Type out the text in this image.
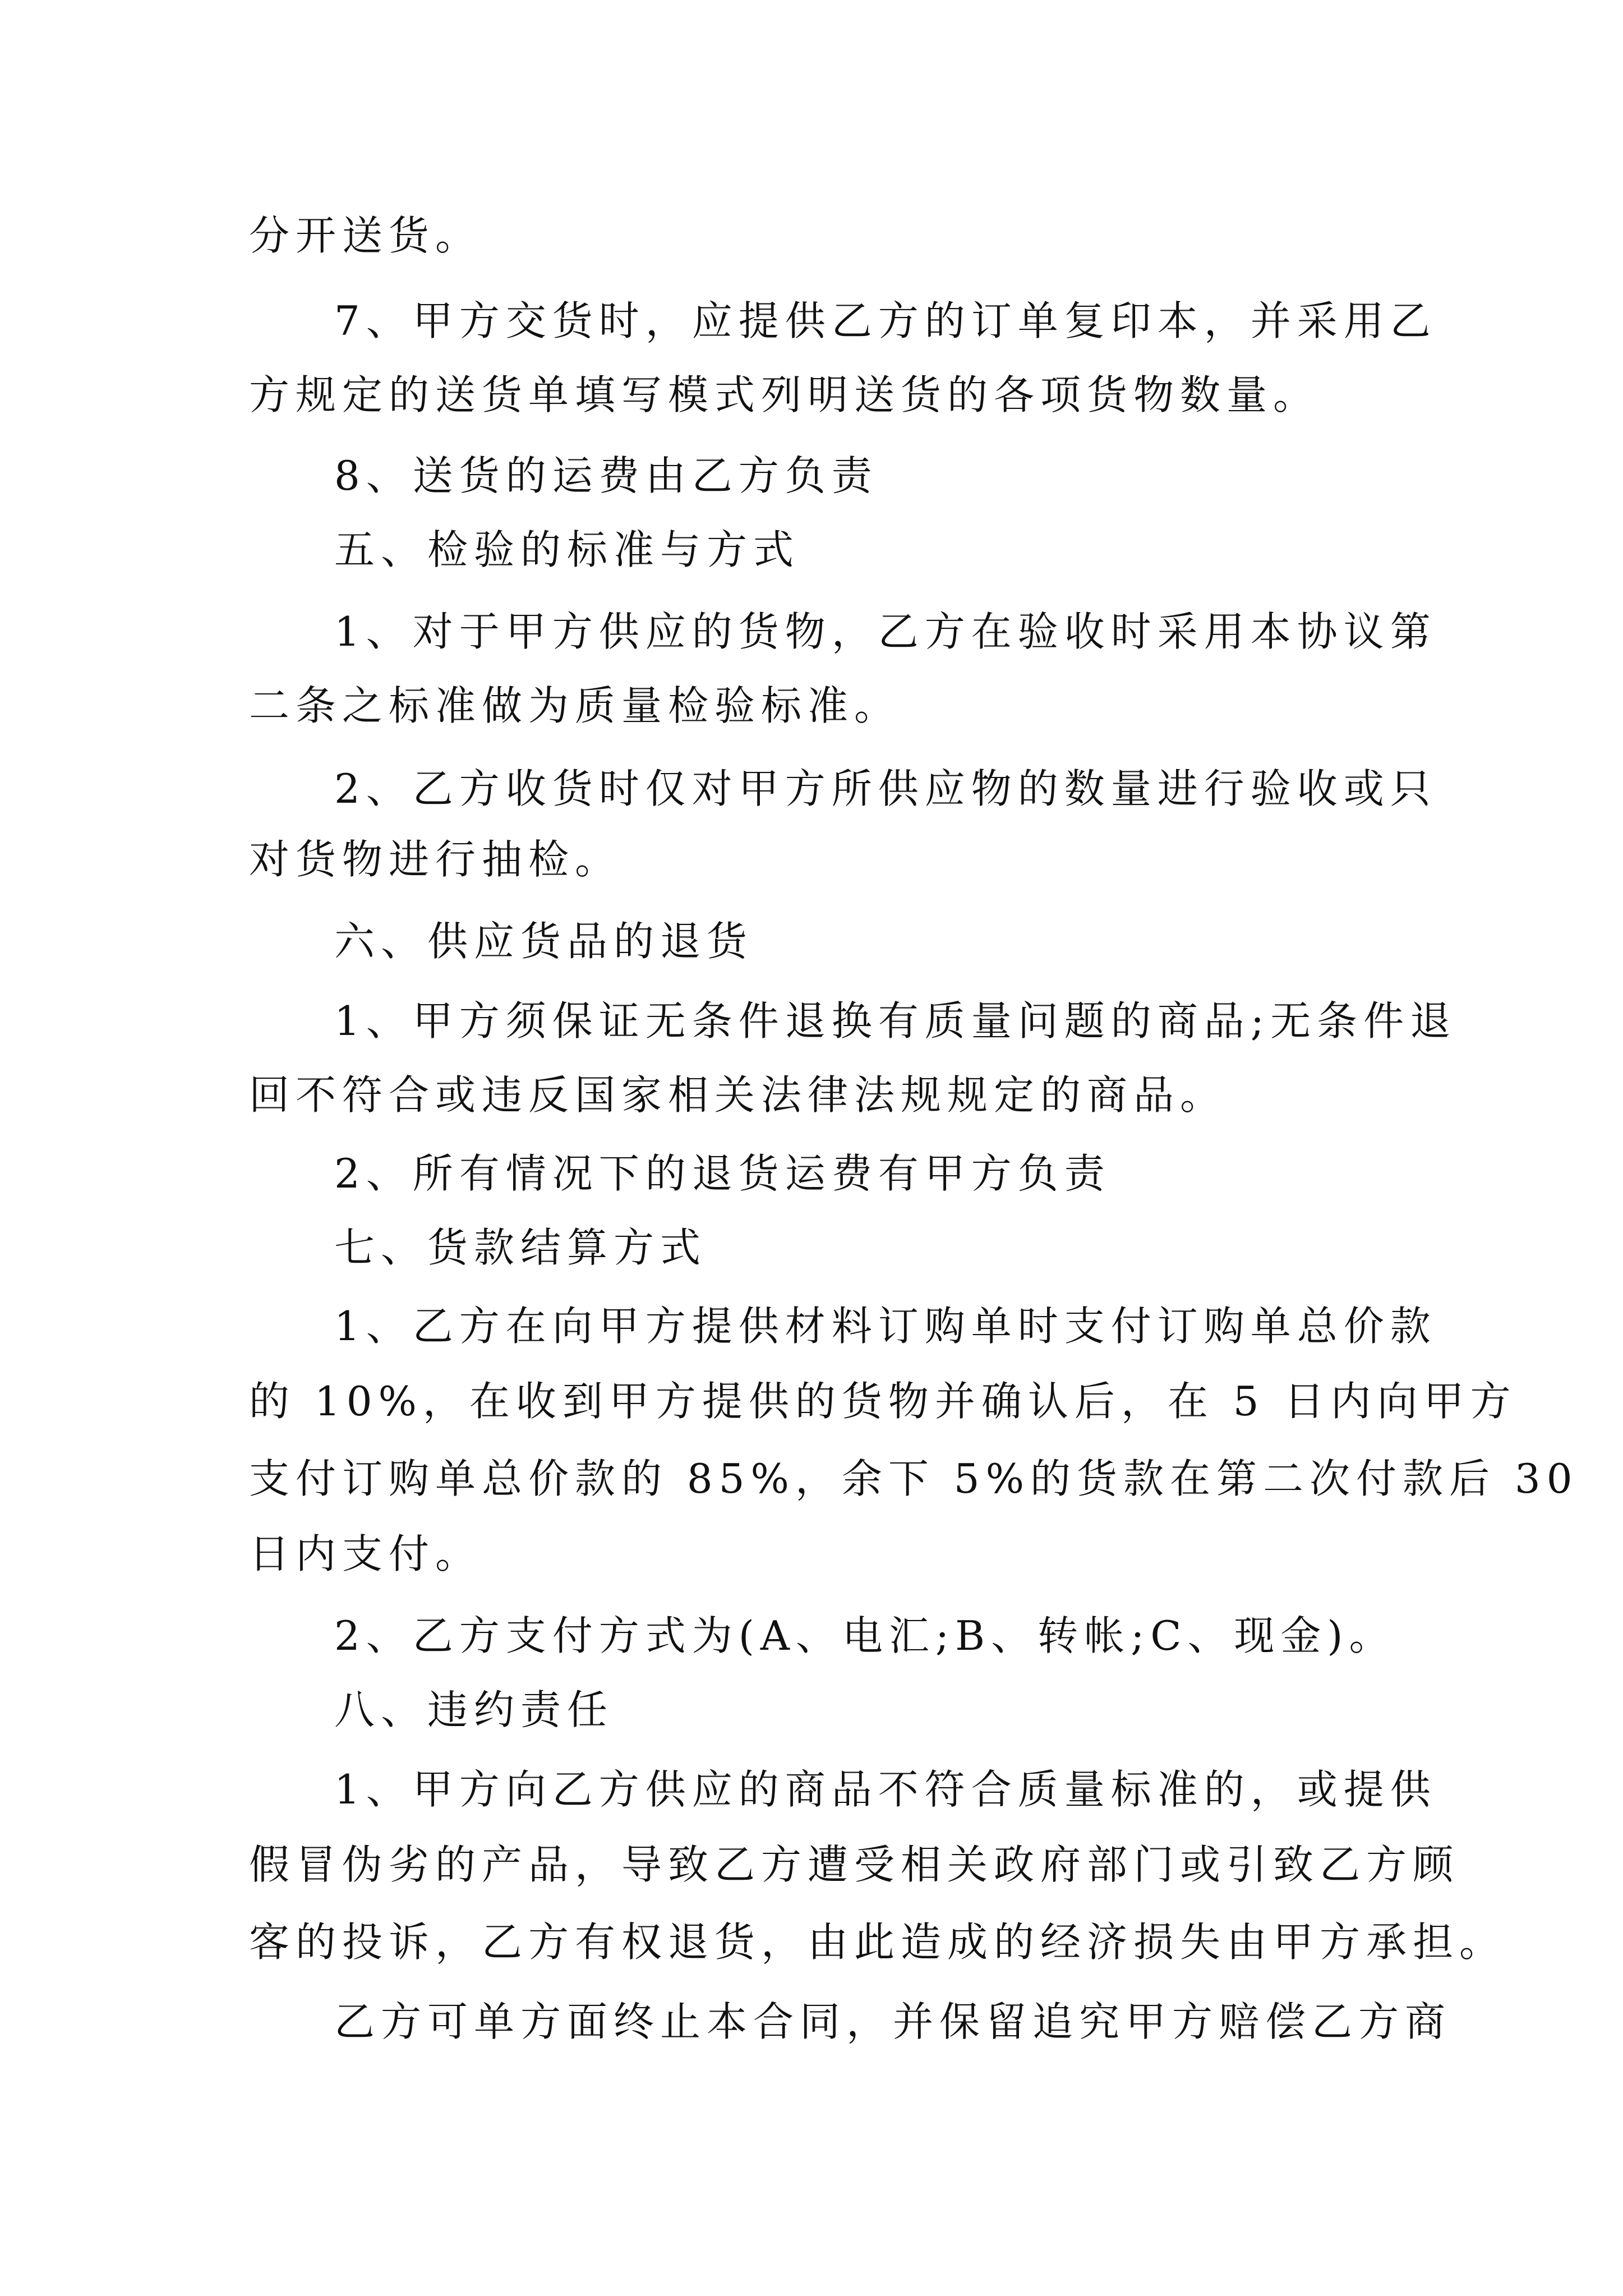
分开送货。
7、甲方交货时，应提供乙方的订单复印本，并采用乙
方规定的送货单填写模式列明送货的各项货物数量。
8、送货的运费由乙方负责
五、检验的标准与方式
1、对于甲方供应的货物，乙方在验收时采用本协议第
二条之标准做为质量检验标准。
2、乙方收货时仅对甲方所供应物的数量进行验收或只
对货物进行抽检。
六、供应货品的退货
1、甲方须保证无条件退换有质量问题的商品;无条件退
回不符合或违反国家相关法律法规规定的商品。
2、所有情况下的退货运费有甲方负责
七、货款结算方式
1、乙方在向甲方提供材料订购单时支付订购单总价款
的 10%，在收到甲方提供的货物并确认后，在 5 日内向甲方
支付订购单总价款的 85%，余下 5%的货款在第二次付款后 30
日内支付。
2、乙方支付方式为(A、电汇;B、转帐;C、现金)。
八、违约责任
1、甲方向乙方供应的商品不符合质量标准的，或提供
假冒伪劣的产品，导致乙方遭受相关政府部门或引致乙方顾
客的投诉，乙方有权退货，由此造成的经济损失由甲方承担。
乙方可单方面终止本合同，并保留追究甲方赔偿乙方商
